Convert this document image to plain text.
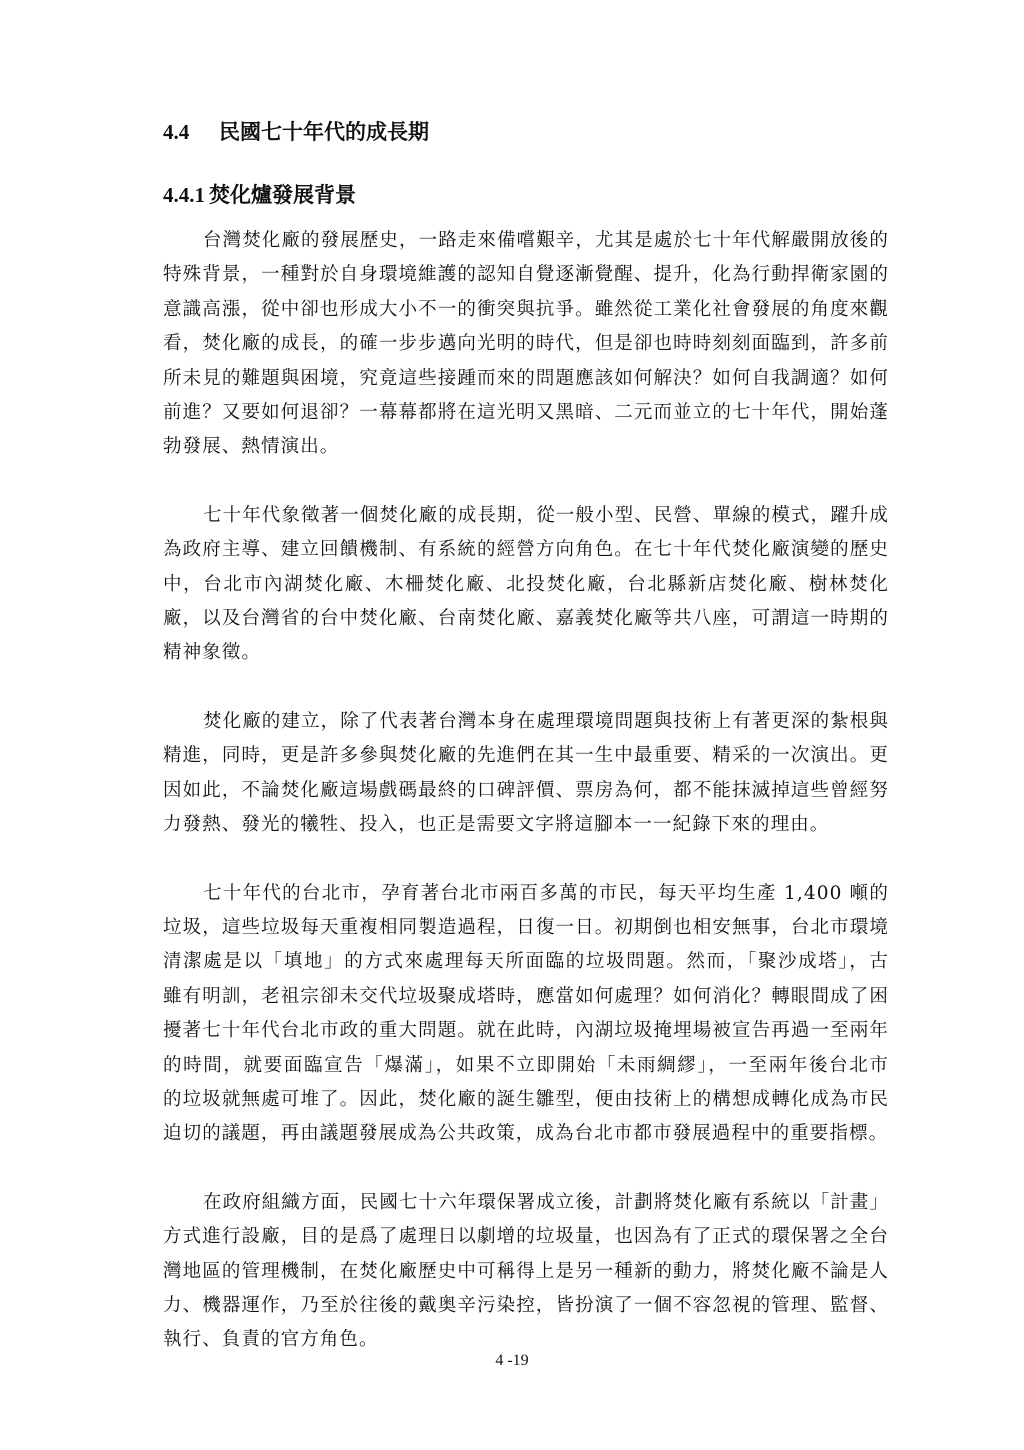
4.4 民國七十年代的成長期
4.4.1 焚化爐發展背景

台灣焚化廠的發展歷史，一路走來備嚐艱辛，尤其是處於七十年代解嚴開放後的特殊背景，一種對於自身環境維護的認知自覺逐漸覺醒、提升，化為行動捍衛家園的意識高漲，從中卻也形成大小不一的衝突與抗爭。雖然從工業化社會發展的角度來觀看，焚化廠的成長，的確一步步邁向光明的時代，但是卻也時時刻刻面臨到，許多前所未見的難題與困境，究竟這些接踵而來的問題應該如何解決？如何自我調適？如何前進？又要如何退卻？一幕幕都將在這光明又黑暗、二元而並立的七十年代，開始蓬勃發展、熱情演出。

七十年代象徵著一個焚化廠的成長期，從一般小型、民營、單線的模式，躍升成為政府主導、建立回饋機制、有系統的經營方向角色。在七十年代焚化廠演變的歷史中，台北市內湖焚化廠、木柵焚化廠、北投焚化廠，台北縣新店焚化廠、樹林焚化廠，以及台灣省的台中焚化廠、台南焚化廠、嘉義焚化廠等共八座，可謂這一時期的精神象徵。

焚化廠的建立，除了代表著台灣本身在處理環境問題與技術上有著更深的紮根與精進，同時，更是許多參與焚化廠的先進們在其一生中最重要、精采的一次演出。更因如此，不論焚化廠這場戲碼最終的口碑評價、票房為何，都不能抹滅掉這些曾經努力發熱、發光的犧牲、投入，也正是需要文字將這腳本一一紀錄下來的理由。

七十年代的台北市，孕育著台北市兩百多萬的市民，每天平均生產 1,400 噸的垃圾，這些垃圾每天重複相同製造過程，日復一日。初期倒也相安無事，台北市環境清潔處是以「填地」的方式來處理每天所面臨的垃圾問題。然而，「聚沙成塔」，古雖有明訓，老祖宗卻未交代垃圾聚成塔時，應當如何處理？如何消化？轉眼間成了困擾著七十年代台北市政的重大問題。就在此時，內湖垃圾掩埋場被宣告再過一至兩年的時間，就要面臨宣告「爆滿」，如果不立即開始「未雨綢繆」，一至兩年後台北市的垃圾就無處可堆了。因此，焚化廠的誕生雛型，便由技術上的構想成轉化成為市民迫切的議題，再由議題發展成為公共政策，成為台北市都市發展過程中的重要指標。

在政府組織方面，民國七十六年環保署成立後，計劃將焚化廠有系統以「計畫」方式進行設廠，目的是爲了處理日以劇增的垃圾量，也因為有了正式的環保署之全台灣地區的管理機制，在焚化廠歷史中可稱得上是另一種新的動力，將焚化廠不論是人力、機器運作，乃至於往後的戴奥辛污染控，皆扮演了一個不容忽視的管理、監督、執行、負責的官方角色。

4 -19
